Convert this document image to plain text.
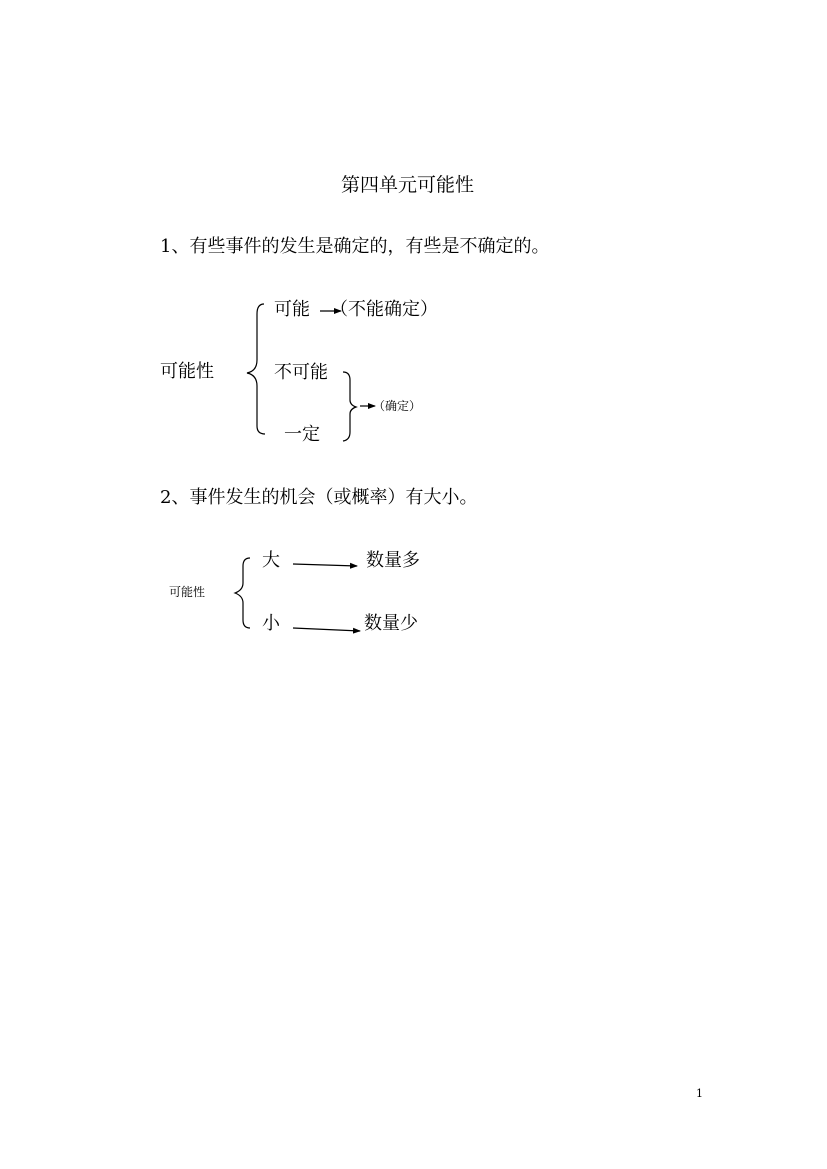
第四单元可能性
1、有些事件的发生是确定的，有些是不确定的。
可能性
可能 （不能确定）
不可能
一定
（确定）
2、事件发生的机会（或概率）有大小。
可能性
大	数量多
小	数量少
1
